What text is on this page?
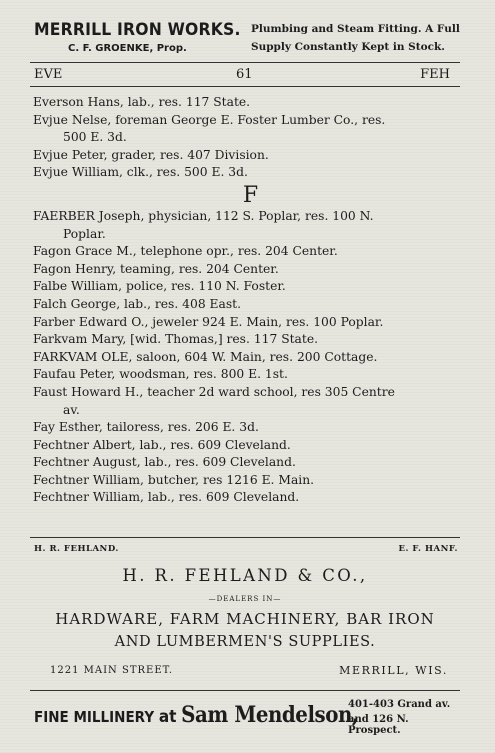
MERRILL IRON WORKS.
C. F. GROENKE, Prop.
Plumbing and Steam Fitting. A Full
Supply Constantly Kept in Stock.
EVE	61	FEH
Everson Hans, lab., res. 117 State.
Evjue Nelse, foreman George E. Foster Lumber Co., res.
500 E. 3d.
Evjue Peter, grader, res. 407 Division.
Evjue William, clk., res. 500 E. 3d.
F
FAERBER Joseph, physician, 112 S. Poplar, res. 100 N.
Poplar.
Fagon Grace M., telephone opr., res. 204 Center.
Fagon Henry, teaming, res. 204 Center.
Falbe William, police, res. 110 N. Foster.
Falch George, lab., res. 408 East.
Farber Edward O., jeweler 924 E. Main, res. 100 Poplar.
Farkvam Mary, [wid. Thomas,] res. 117 State.
FARKVAM OLE, saloon, 604 W. Main, res. 200 Cottage.
Faufau Peter, woodsman, res. 800 E. 1st.
Faust Howard H., teacher 2d ward school, res 305 Centre
av.
Fay Esther, tailoress, res. 206 E. 3d.
Fechtner Albert, lab., res. 609 Cleveland.
Fechtner August, lab., res. 609 Cleveland.
Fechtner William, butcher, res 1216 E. Main.
Fechtner William, lab., res. 609 Cleveland.
H. R. FEHLAND.	E. F. HANF.
H. R. FEHLAND & CO.,
—DEALERS IN—
HARDWARE, FARM MACHINERY, BAR IRON
AND LUMBERMEN'S SUPPLIES.
1221 MAIN STREET.	MERRILL, WIS.
FINE MILLINERY at Sam Mendelson,
401-403 Grand av.
and 126 N. Prospect.
